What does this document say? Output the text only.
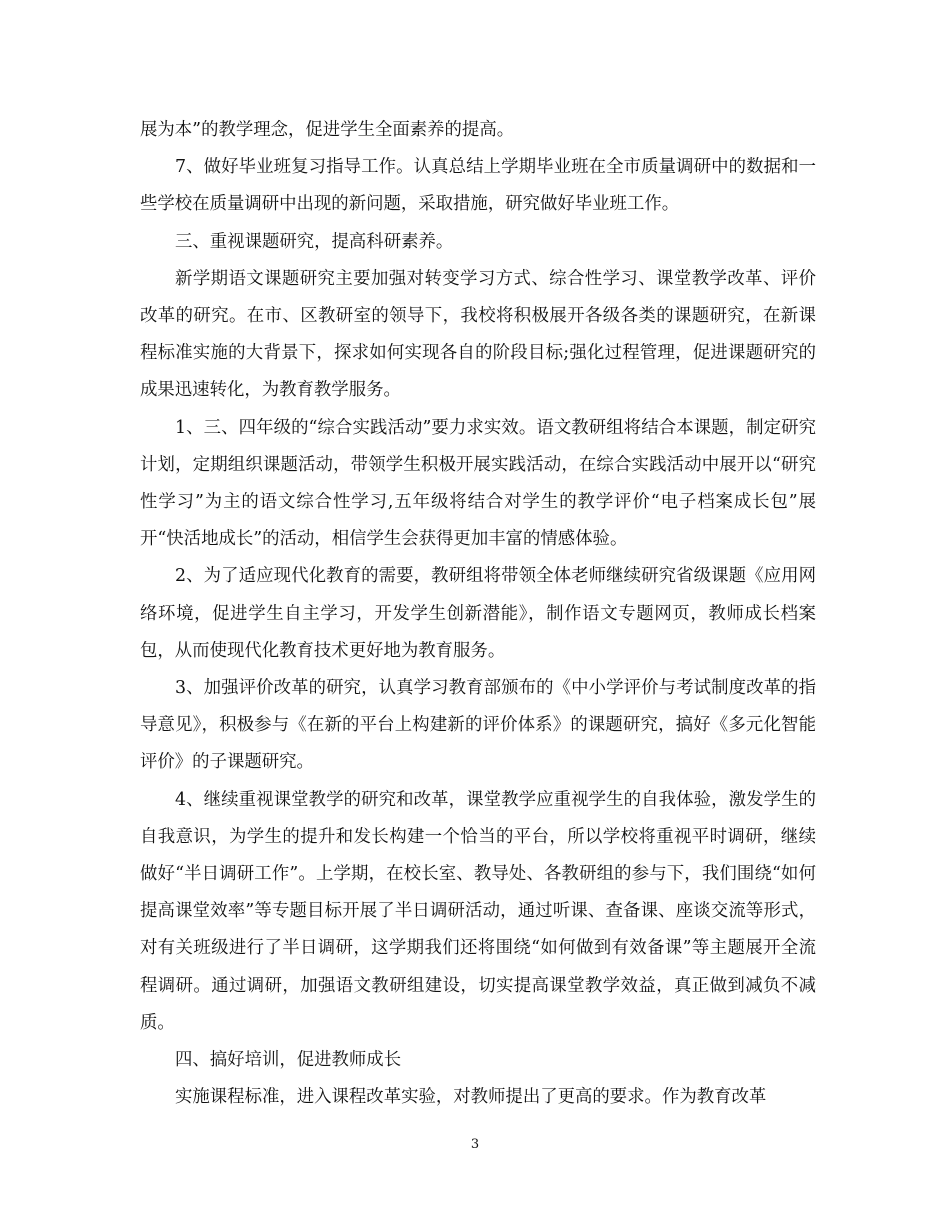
展为本”的教学理念，促进学生全面素养的提高。

7、做好毕业班复习指导工作。认真总结上学期毕业班在全市质量调研中的数据和一些学校在质量调研中出现的新问题，采取措施，研究做好毕业班工作。

三、重视课题研究，提高科研素养。

新学期语文课题研究主要加强对转变学习方式、综合性学习、课堂教学改革、评价改革的研究。在市、区教研室的领导下，我校将积极展开各级各类的课题研究，在新课程标准实施的大背景下，探求如何实现各自的阶段目标;强化过程管理，促进课题研究的成果迅速转化，为教育教学服务。

1、三、四年级的“综合实践活动”要力求实效。语文教研组将结合本课题，制定研究计划，定期组织课题活动，带领学生积极开展实践活动，在综合实践活动中展开以“研究性学习”为主的语文综合性学习,五年级将结合对学生的教学评价“电子档案成长包”展开“快活地成长”的活动，相信学生会获得更加丰富的情感体验。

2、为了适应现代化教育的需要，教研组将带领全体老师继续研究省级课题《应用网络环境，促进学生自主学习，开发学生创新潜能》，制作语文专题网页，教师成长档案包，从而使现代化教育技术更好地为教育服务。

3、加强评价改革的研究，认真学习教育部颁布的《中小学评价与考试制度改革的指导意见》，积极参与《在新的平台上构建新的评价体系》的课题研究，搞好《多元化智能评价》的子课题研究。

4、继续重视课堂教学的研究和改革，课堂教学应重视学生的自我体验，激发学生的自我意识，为学生的提升和发长构建一个恰当的平台，所以学校将重视平时调研，继续做好“半日调研工作”。上学期，在校长室、教导处、各教研组的参与下，我们围绕“如何提高课堂效率”等专题目标开展了半日调研活动，通过听课、查备课、座谈交流等形式，对有关班级进行了半日调研，这学期我们还将围绕“如何做到有效备课”等主题展开全流程调研。通过调研，加强语文教研组建设，切实提高课堂教学效益，真正做到减负不减质。

四、搞好培训，促进教师成长

实施课程标准，进入课程改革实验，对教师提出了更高的要求。作为教育改革

3
